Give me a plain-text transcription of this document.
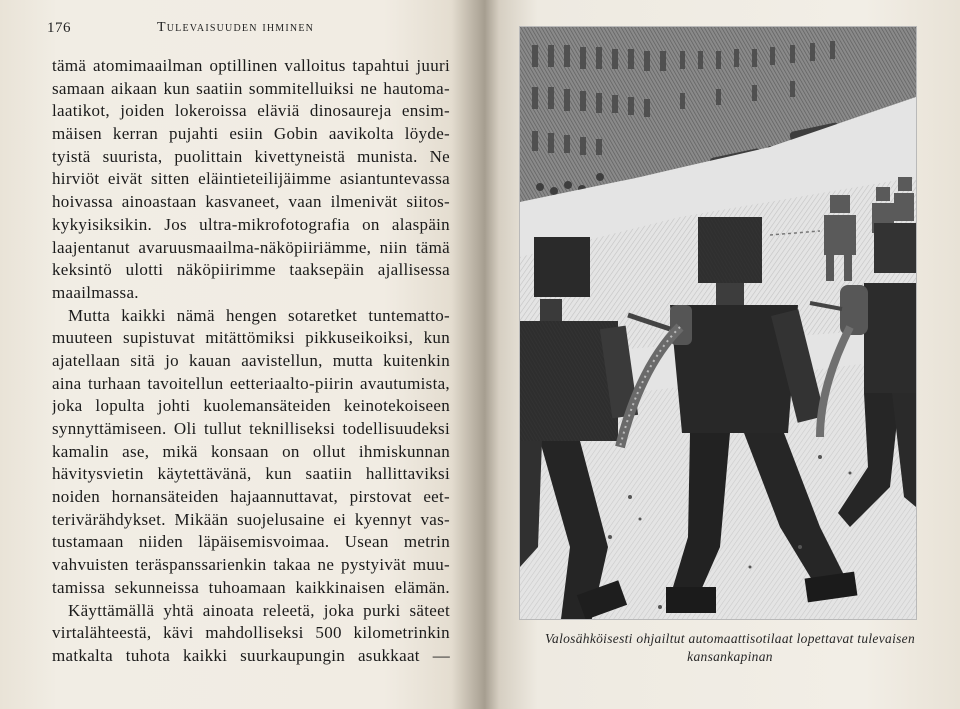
176	Tulevaisuuden ihminen
tämä atomimaailman optillinen valloitus tapahtui juuri
samaan aikaan kun saatiin sommitelluiksi ne hautoma-
laatikot, joiden lokeroissa eläviä dinosaureja ensim-
mäisen kerran pujahti esiin Gobin aavikolta löyde-
tyistä suurista, puolittain kivettyneistä munista. Ne
hirviöt eivät sitten eläintieteilijäimme asiantuntevassa
hoivassa ainoastaan kasvaneet, vaan ilmenivät siitos-
kykyisiksikin. Jos ultra-mikrofotografia on alaspäin
laajentanut avaruusmaailma-näköpiiriämme, niin tämä
keksintö ulotti näköpiirimme taaksepäin ajallisessa
maailmassa.
Mutta kaikki nämä hengen sotaretket tuntematto-
muuteen supistuvat mitättömiksi pikkuseikoiksi, kun
ajatellaan sitä jo kauan aavistellun, mutta kuitenkin
aina turhaan tavoitellun eetteriaalto-piirin avautumista,
joka lopulta johti kuolemansäteiden keinotekoiseen
synnyttämiseen. Oli tullut teknilliseksi todellisuudeksi
kamalin ase, mikä konsaan on ollut ihmiskunnan
hävitysvietin käytettävänä, kun saatiin hallittaviksi
noiden hornansäteiden hajaannuttavat, pirstovat eet-
terivärähdykset. Mikään suojelusaine ei kyennyt vas-
tustamaan niiden läpäisemisvoimaa. Usean metrin
vahvuisten teräspanssarienkin takaa ne pystyivät muu-
tamissa sekunneissa tuhoamaan kaikkinaisen elämän.
Käyttämällä yhtä ainoata releetä, joka purki säteet
virtalähteestä, kävi mahdolliseksi 500 kilometrinkin
matkalta tuhota kaikki suurkaupungin asukkaat —
Valosähköisesti ohjailtut automaattisotilaat lopettavat tulevaisen
kansankapinan
